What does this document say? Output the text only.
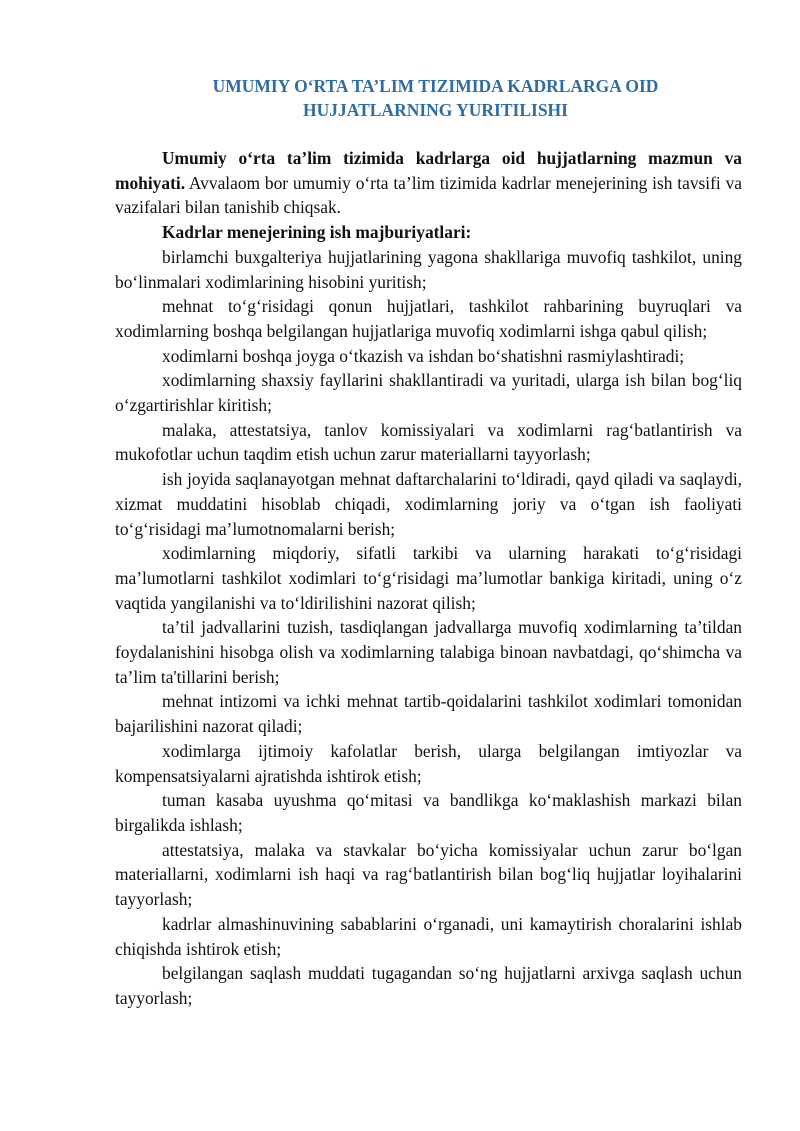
UMUMIY O‘RTA TA’LIM TIZIMIDA KADRLARGA OID
HUJJATLARNING YURITILISHI

Umumiy o‘rta ta’lim tizimida kadrlarga oid hujjatlarning mazmun va mohiyati. Avvalaom bor umumiy o‘rta ta’lim tizimida kadrlar menejerining ish tavsifi va vazifalari bilan tanishib chiqsak.

Kadrlar menejerining ish majburiyatlari:

birlamchi buxgalteriya hujjatlarining yagona shakllariga muvofiq tashkilot, uning bo‘linmalari xodimlarining hisobini yuritish;

mehnat to‘g‘risidagi qonun hujjatlari, tashkilot rahbarining buyruqlari va xodimlarning boshqa belgilangan hujjatlariga muvofiq xodimlarni ishga qabul qilish;

xodimlarni boshqa joyga o‘tkazish va ishdan bo‘shatishni rasmiylashtiradi;

xodimlarning shaxsiy fayllarini shakllantiradi va yuritadi, ularga ish bilan bog‘liq o‘zgartirishlar kiritish;

malaka, attestatsiya, tanlov komissiyalari va xodimlarni rag‘batlantirish va mukofotlar uchun taqdim etish uchun zarur materiallarni tayyorlash;

ish joyida saqlanayotgan mehnat daftarchalarini to‘ldiradi, qayd qiladi va saqlaydi, xizmat muddatini hisoblab chiqadi, xodimlarning joriy va o‘tgan ish faoliyati to‘g‘risidagi ma’lumotnomalarni berish;

xodimlarning miqdoriy, sifatli tarkibi va ularning harakati to‘g‘risidagi ma’lumotlarni tashkilot xodimlari to‘g‘risidagi ma’lumotlar bankiga kiritadi, uning o‘z vaqtida yangilanishi va to‘ldirilishini nazorat qilish;

ta’til jadvallarini tuzish, tasdiqlangan jadvallarga muvofiq xodimlarning ta’tildan foydalanishini hisobga olish va xodimlarning talabiga binoan navbatdagi, qo‘shimcha va ta’lim ta'tillarini berish;

mehnat intizomi va ichki mehnat tartib-qoidalarini tashkilot xodimlari tomonidan bajarilishini nazorat qiladi;

xodimlarga ijtimoiy kafolatlar berish, ularga belgilangan imtiyozlar va kompensatsiyalarni ajratishda ishtirok etish;

tuman kasaba uyushma qo‘mitasi va bandlikga ko‘maklashish markazi bilan birgalikda ishlash;

attestatsiya, malaka va stavkalar bo‘yicha komissiyalar uchun zarur bo‘lgan materiallarni, xodimlarni ish haqi va rag‘batlantirish bilan bog‘liq hujjatlar loyihalarini tayyorlash;

kadrlar almashinuvining sabablarini o‘rganadi, uni kamaytirish choralarini ishlab chiqishda ishtirok etish;

belgilangan saqlash muddati tugagandan so‘ng hujjatlarni arxivga saqlash uchun tayyorlash;
